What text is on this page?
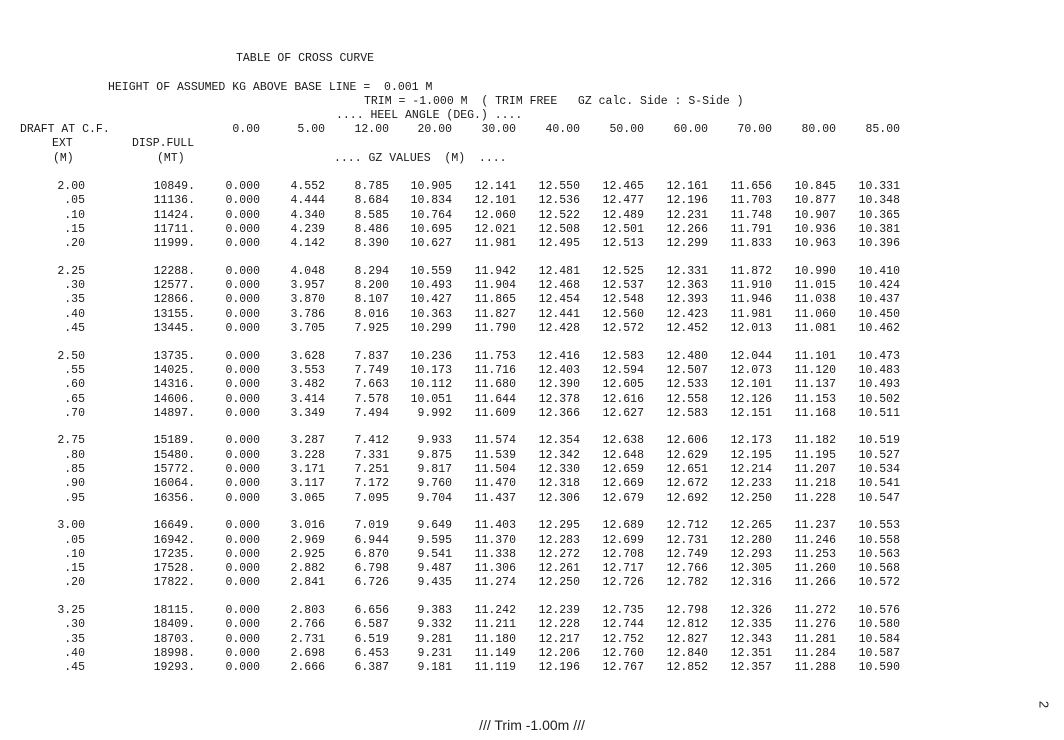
TABLE OF CROSS CURVE
HEIGHT OF ASSUMED KG ABOVE BASE LINE =  0.001 M
TRIM = -1.000 M  ( TRIM FREE   GZ calc. Side : S-Side )
.... HEEL ANGLE (DEG.) ....
DRAFT AT C.F.
EXT
(M)
DISP.FULL
(MT)	.... GZ VALUES  (M)  ....
0.00	5.00	12.00	20.00	30.00	40.00	50.00	60.00	70.00	80.00	85.00
2.00	10849.	0.000	4.552	8.785	10.905	12.141	12.550	12.465	12.161	11.656	10.845	10.331
.05	11136.	0.000	4.444	8.684	10.834	12.101	12.536	12.477	12.196	11.703	10.877	10.348
.10	11424.	0.000	4.340	8.585	10.764	12.060	12.522	12.489	12.231	11.748	10.907	10.365
.15	11711.	0.000	4.239	8.486	10.695	12.021	12.508	12.501	12.266	11.791	10.936	10.381
.20	11999.	0.000	4.142	8.390	10.627	11.981	12.495	12.513	12.299	11.833	10.963	10.396
2.25	12288.	0.000	4.048	8.294	10.559	11.942	12.481	12.525	12.331	11.872	10.990	10.410
.30	12577.	0.000	3.957	8.200	10.493	11.904	12.468	12.537	12.363	11.910	11.015	10.424
.35	12866.	0.000	3.870	8.107	10.427	11.865	12.454	12.548	12.393	11.946	11.038	10.437
.40	13155.	0.000	3.786	8.016	10.363	11.827	12.441	12.560	12.423	11.981	11.060	10.450
.45	13445.	0.000	3.705	7.925	10.299	11.790	12.428	12.572	12.452	12.013	11.081	10.462
2.50	13735.	0.000	3.628	7.837	10.236	11.753	12.416	12.583	12.480	12.044	11.101	10.473
.55	14025.	0.000	3.553	7.749	10.173	11.716	12.403	12.594	12.507	12.073	11.120	10.483
.60	14316.	0.000	3.482	7.663	10.112	11.680	12.390	12.605	12.533	12.101	11.137	10.493
.65	14606.	0.000	3.414	7.578	10.051	11.644	12.378	12.616	12.558	12.126	11.153	10.502
.70	14897.	0.000	3.349	7.494	9.992	11.609	12.366	12.627	12.583	12.151	11.168	10.511
2.75	15189.	0.000	3.287	7.412	9.933	11.574	12.354	12.638	12.606	12.173	11.182	10.519
.80	15480.	0.000	3.228	7.331	9.875	11.539	12.342	12.648	12.629	12.195	11.195	10.527
.85	15772.	0.000	3.171	7.251	9.817	11.504	12.330	12.659	12.651	12.214	11.207	10.534
.90	16064.	0.000	3.117	7.172	9.760	11.470	12.318	12.669	12.672	12.233	11.218	10.541
.95	16356.	0.000	3.065	7.095	9.704	11.437	12.306	12.679	12.692	12.250	11.228	10.547
3.00	16649.	0.000	3.016	7.019	9.649	11.403	12.295	12.689	12.712	12.265	11.237	10.553
.05	16942.	0.000	2.969	6.944	9.595	11.370	12.283	12.699	12.731	12.280	11.246	10.558
.10	17235.	0.000	2.925	6.870	9.541	11.338	12.272	12.708	12.749	12.293	11.253	10.563
.15	17528.	0.000	2.882	6.798	9.487	11.306	12.261	12.717	12.766	12.305	11.260	10.568
.20	17822.	0.000	2.841	6.726	9.435	11.274	12.250	12.726	12.782	12.316	11.266	10.572
3.25	18115.	0.000	2.803	6.656	9.383	11.242	12.239	12.735	12.798	12.326	11.272	10.576
.30	18409.	0.000	2.766	6.587	9.332	11.211	12.228	12.744	12.812	12.335	11.276	10.580
.35	18703.	0.000	2.731	6.519	9.281	11.180	12.217	12.752	12.827	12.343	11.281	10.584
.40	18998.	0.000	2.698	6.453	9.231	11.149	12.206	12.760	12.840	12.351	11.284	10.587
.45	19293.	0.000	2.666	6.387	9.181	11.119	12.196	12.767	12.852	12.357	11.288	10.590
/// Trim -1.00m ///
2
